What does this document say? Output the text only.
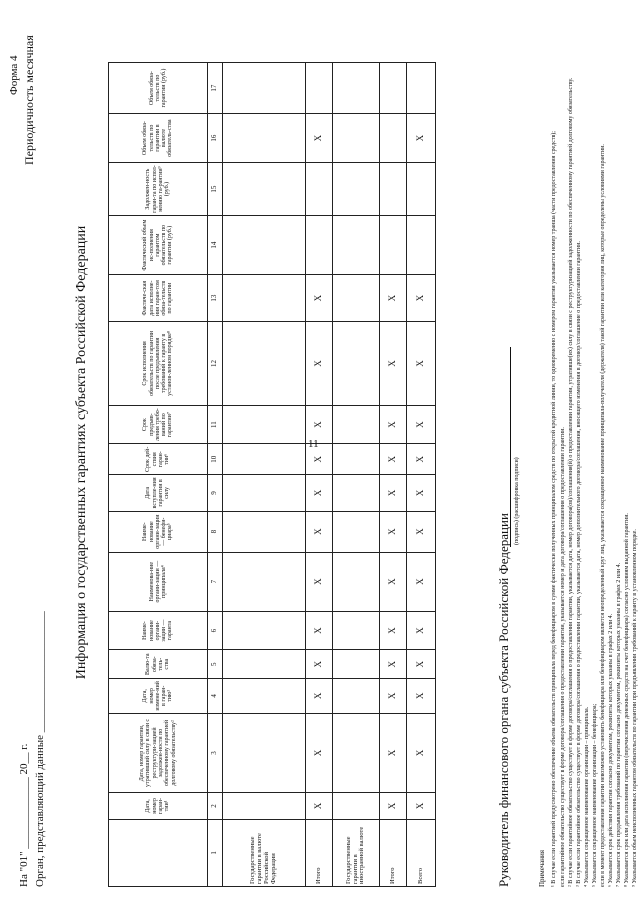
Форма 4 Периодичность месячная
На "01" _____________ 20__ г. Орган, представляющий данные ______________________
Информация о государственных гарантиях субъекта Российской Федерации
	Дата, номер гаран-тии¹	Дата, номер гарантии, утративший силу в связи с реструктури-зацией задолжен-ности по обеспеченному гарантией долговому обязательству²	Дата, номер измене-ний в гаран-тию³	Валю-та обяза-тель-ства	Наиме-нование органи-зации — гаранта	Наименова-ние органи-зации — принципала⁴	Наиме-нование органи-зации — бенефи-циара⁵	Дата вступле-ния гарантии в силу	Срок дей-ствия гаран-тии⁶	Срок предъяв-ления требо-ваний по гарантии⁷	Срок исполнения обязательств по гарантии после предъявления требований к гаранту в установ-ленном порядке⁸	Фактиче-ская дата исполне-ния гаран-том обяза-тельств по гарантии	Фактический объем ис-полнения гарантом обязательств по гарантии (руб.)	Задолжен-ность гаран-та по испол-нению га-рантии⁹ (руб.)	Объем обяза-тельств по гарантии в валюте обязатель-ства	Объем обяза-тельств по гарантии (руб.)
1	2	3	4	5	6	7	8	9	10	11	12	13	14	15	16	17
Государственные гарантии в валюте Российской Федерации																
Итого	X	X	X	X	X	X	X	X	X	X	X	X			X	
Государственные гарантии в иностранной валюте																
Итого	X	X	X	X	X	X	X	X	X	X	X	X				
Всего	X	X	X	X	X	X	X	X	X	X	X	X			X	
Руководитель финансового органа субъекта Российской Федерации
(подпись) (расшифровка подписи)

Примечания ¹ В случае если гарантией предусмотрено обеспечение объема обязательств принципала перед бенефициаром в сумме фактически полученных принципалом средств по открытой кредитной линии, то одновременно с номером гарантии указывается номер транша (части предоставления средств); если гарантийное обязательство существует в форме договора/соглашения о предоставлении гарантии, указывается номер и дата договора/соглашения о предоставлении гарантии. ² В случае если гарантийное обязательство существует в форме договора/соглашения о предоставлении гарантии, указывается дата, номер договора(ов)/соглашения(й) о предоставлении гарантии, утративше(их) силу в связи с реструктуризацией задолженности по обеспеченному гарантией долговому обязательству. ³ В случае если гарантийное обязательство существует в форме договора/соглашения о предоставлении гарантии, указывается дата, номер дополнительного договора/соглашения, вносящего изменения в договор/соглашение о предоставлении гарантии. ⁴ Указывается сокращенное наименование организации – принципала. ⁵ Указывается сокращенное наименование организации – бенефициара; если в момент предоставления гарантии невозможно установить бенефициара или бенефициаром является неопределенный круг лиц, указывается сокращенное наименование принципала-получателя (держателя) такой гарантии или категория лиц, которые определены условиями гарантии. ⁶ Указывается срок действия гарантии согласно документам, реквизиты которых указаны в графах 2 или 4. ⁷ Указывается срок предъявления требований по гарантии согласно документам, реквизиты которых указаны в графах 2 или 4. ⁸ Указывается срок или дата исполнения гарантии (перечисления денежных средств на счет бенефициара) согласно условиям выданной гарантии. ⁹ Указывается объем неисполненных гарантом обязательств по гарантии при предъявлении требований к гаранту в установленном порядке.

11
